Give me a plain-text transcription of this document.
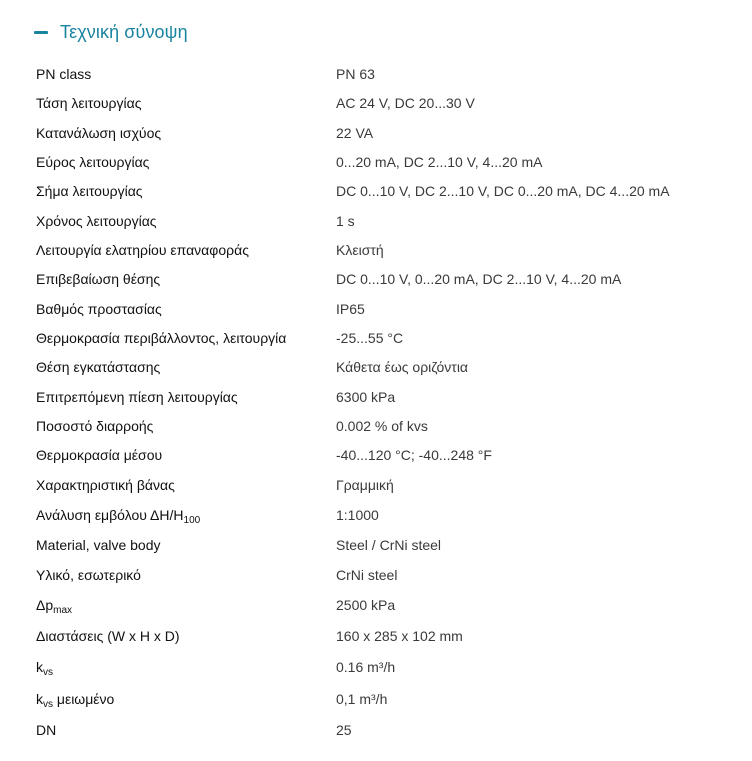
Τεχνική σύνοψη
PN class	PN 63
Τάση λειτουργίας	AC 24 V, DC 20...30 V
Κατανάλωση ισχύος	22 VA
Εύρος λειτουργίας	0...20 mA, DC 2...10 V, 4...20 mA
Σήμα λειτουργίας	DC 0...10 V, DC 2...10 V, DC 0...20 mA, DC 4...20 mA
Χρόνος λειτουργίας	1 s
Λειτουργία ελατηρίου επαναφοράς	Κλειστή
Επιβεβαίωση θέσης	DC 0...10 V, 0...20 mA, DC 2...10 V, 4...20 mA
Βαθμός προστασίας	IP65
Θερμοκρασία περιβάλλοντος, λειτουργία	-25...55 °C
Θέση εγκατάστασης	Κάθετα έως οριζόντια
Επιτρεπόμενη πίεση λειτουργίας	6300 kPa
Ποσοστό διαρροής	0.002 % of kvs
Θερμοκρασία μέσου	-40...120 °C; -40...248 °F
Χαρακτηριστική βάνας	Γραμμική
Ανάλυση εμβόλου $\Delta H/H_{100}$	1:1000
Material, valve body	Steel / CrNi steel
Υλικό, εσωτερικό	CrNi steel
$\Delta p_{max}$	2500 kPa
Διαστάσεις (W x H x D)	160 x 285 x 102 mm
$k_{vs}$	0.16 m³/h
$k_{vs}$ μειωμένο	0,1 m³/h
DN	25
